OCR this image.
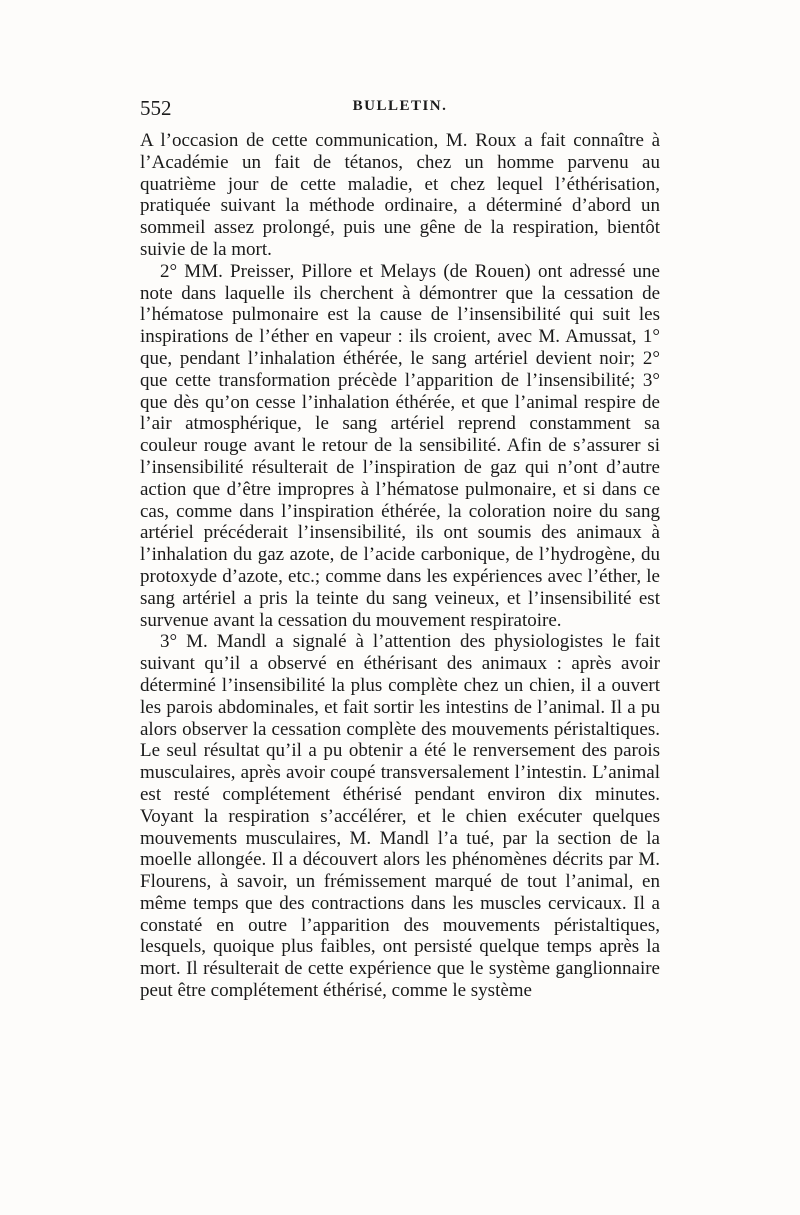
552	BULLETIN.

A l’occasion de cette communication, M. Roux a fait connaître à l’Académie un fait de tétanos, chez un homme parvenu au quatrième jour de cette maladie, et chez lequel l’éthérisation, pratiquée suivant la méthode ordinaire, a déterminé d’abord un sommeil assez prolongé, puis une gêne de la respiration, bientôt suivie de la mort.

2° MM. Preisser, Pillore et Melays (de Rouen) ont adressé une note dans laquelle ils cherchent à démontrer que la cessation de l’hématose pulmonaire est la cause de l’insensibilité qui suit les inspirations de l’éther en vapeur : ils croient, avec M. Amussat, 1° que, pendant l’inhalation éthérée, le sang artériel devient noir; 2° que cette transformation précède l’apparition de l’insensibilité; 3° que dès qu’on cesse l’inhalation éthérée, et que l’animal respire de l’air atmosphérique, le sang artériel reprend constamment sa couleur rouge avant le retour de la sensibilité. Afin de s’assurer si l’insensibilité résulterait de l’inspiration de gaz qui n’ont d’autre action que d’être impropres à l’hématose pulmonaire, et si dans ce cas, comme dans l’inspiration éthérée, la coloration noire du sang artériel précéderait l’insensibilité, ils ont soumis des animaux à l’inhalation du gaz azote, de l’acide carbonique, de l’hydrogène, du protoxyde d’azote, etc.; comme dans les expériences avec l’éther, le sang artériel a pris la teinte du sang veineux, et l’insensibilité est survenue avant la cessation du mouvement respiratoire.

3° M. Mandl a signalé à l’attention des physiologistes le fait suivant qu’il a observé en éthérisant des animaux : après avoir déterminé l’insensibilité la plus complète chez un chien, il a ouvert les parois abdominales, et fait sortir les intestins de l’animal. Il a pu alors observer la cessation complète des mouvements péristaltiques. Le seul résultat qu’il a pu obtenir a été le renversement des parois musculaires, après avoir coupé transversalement l’intestin. L’animal est resté complétement éthérisé pendant environ dix minutes. Voyant la respiration s’accélérer, et le chien exécuter quelques mouvements musculaires, M. Mandl l’a tué, par la section de la moelle allongée. Il a découvert alors les phénomènes décrits par M. Flourens, à savoir, un frémissement marqué de tout l’animal, en même temps que des contractions dans les muscles cervicaux. Il a constaté en outre l’apparition des mouvements péristaltiques, lesquels, quoique plus faibles, ont persisté quelque temps après la mort. Il résulterait de cette expérience que le système ganglionnaire peut être complétement éthérisé, comme le système
